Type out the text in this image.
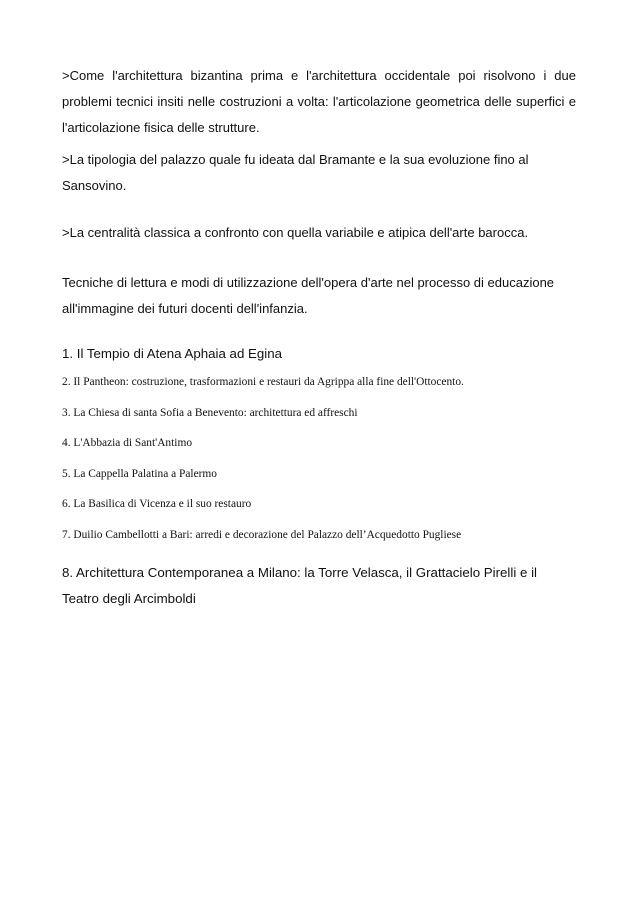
>Come l'architettura bizantina prima e l'architettura occidentale poi risolvono i due problemi tecnici insiti nelle costruzioni a volta: l'articolazione geometrica delle superfici e l'articolazione fisica delle strutture.

>La tipologia del palazzo quale fu ideata dal Bramante e la sua evoluzione fino al Sansovino.

>La centralità classica a confronto con quella variabile e atipica dell'arte barocca.

Tecniche di lettura e modi di utilizzazione dell'opera d'arte nel processo di educazione all'immagine dei futuri docenti dell'infanzia.

1. Il Tempio di Atena Aphaia ad Egina

2. Il Pantheon: costruzione, trasformazioni e restauri da Agrippa alla fine dell'Ottocento.

3. La Chiesa di santa Sofia a Benevento: architettura ed affreschi

4. L'Abbazia di Sant'Antimo

5. La Cappella Palatina a Palermo

6. La Basilica di Vicenza e il suo restauro

7. Duilio Cambellotti a Bari: arredi e decorazione del Palazzo dell’Acquedotto Pugliese

8. Architettura Contemporanea a Milano: la Torre Velasca, il Grattacielo Pirelli e il Teatro degli Arcimboldi
